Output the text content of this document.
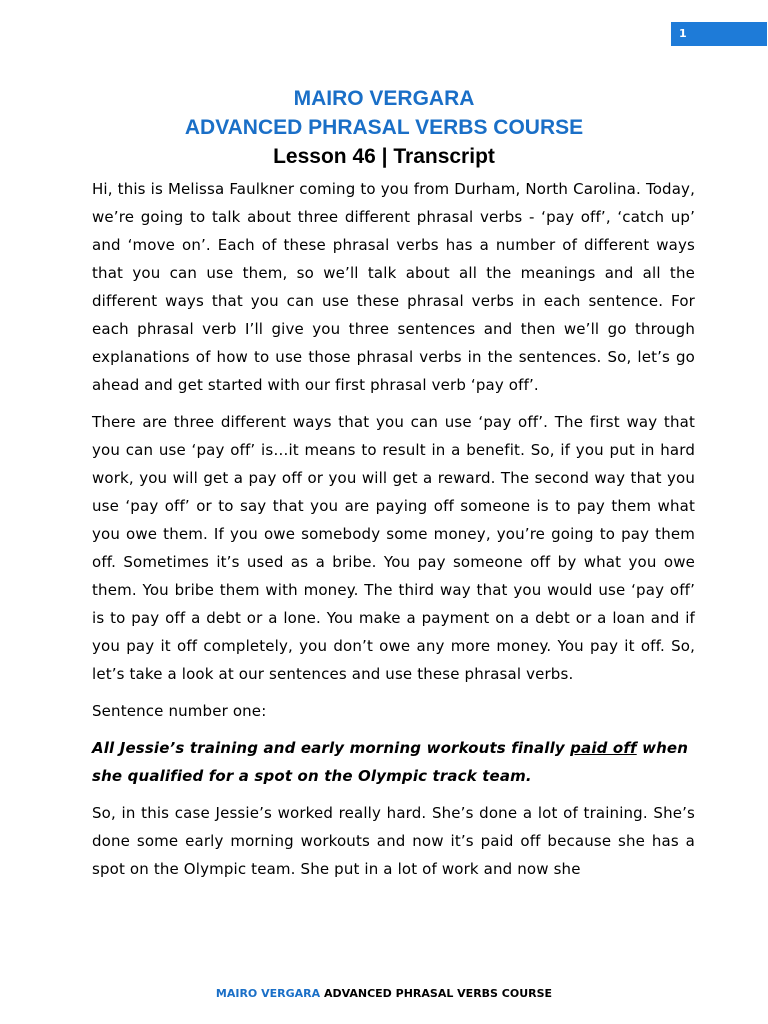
1
MAIRO VERGARA
ADVANCED PHRASAL VERBS COURSE
Lesson 46 | Transcript

Hi, this is Melissa Faulkner coming to you from Durham, North Carolina. Today, we’re going to talk about three different phrasal verbs - ‘pay off’, ‘catch up’ and ‘move on’. Each of these phrasal verbs has a number of different ways that you can use them, so we’ll talk about all the meanings and all the different ways that you can use these phrasal verbs in each sentence. For each phrasal verb I’ll give you three sentences and then we’ll go through explanations of how to use those phrasal verbs in the sentences. So, let’s go ahead and get started with our first phrasal verb ‘pay off’.

There are three different ways that you can use ‘pay off’. The first way that you can use ‘pay off’ is…it means to result in a benefit. So, if you put in hard work, you will get a pay off or you will get a reward. The second way that you use ‘pay off’ or to say that you are paying off someone is to pay them what you owe them. If you owe somebody some money, you’re going to pay them off. Sometimes it’s used as a bribe. You pay someone off by what you owe them. You bribe them with money. The third way that you would use ‘pay off’ is to pay off a debt or a lone. You make a payment on a debt or a loan and if you pay it off completely, you don’t owe any more money. You pay it off. So, let’s take a look at our sentences and use these phrasal verbs.

Sentence number one:

All Jessie’s training and early morning workouts finally paid off when she qualified for a spot on the Olympic track team.

So, in this case Jessie’s worked really hard. She’s done a lot of training. She’s done some early morning workouts and now it’s paid off because she has a spot on the Olympic team. She put in a lot of work and now she

MAIRO VERGARA ADVANCED PHRASAL VERBS COURSE
